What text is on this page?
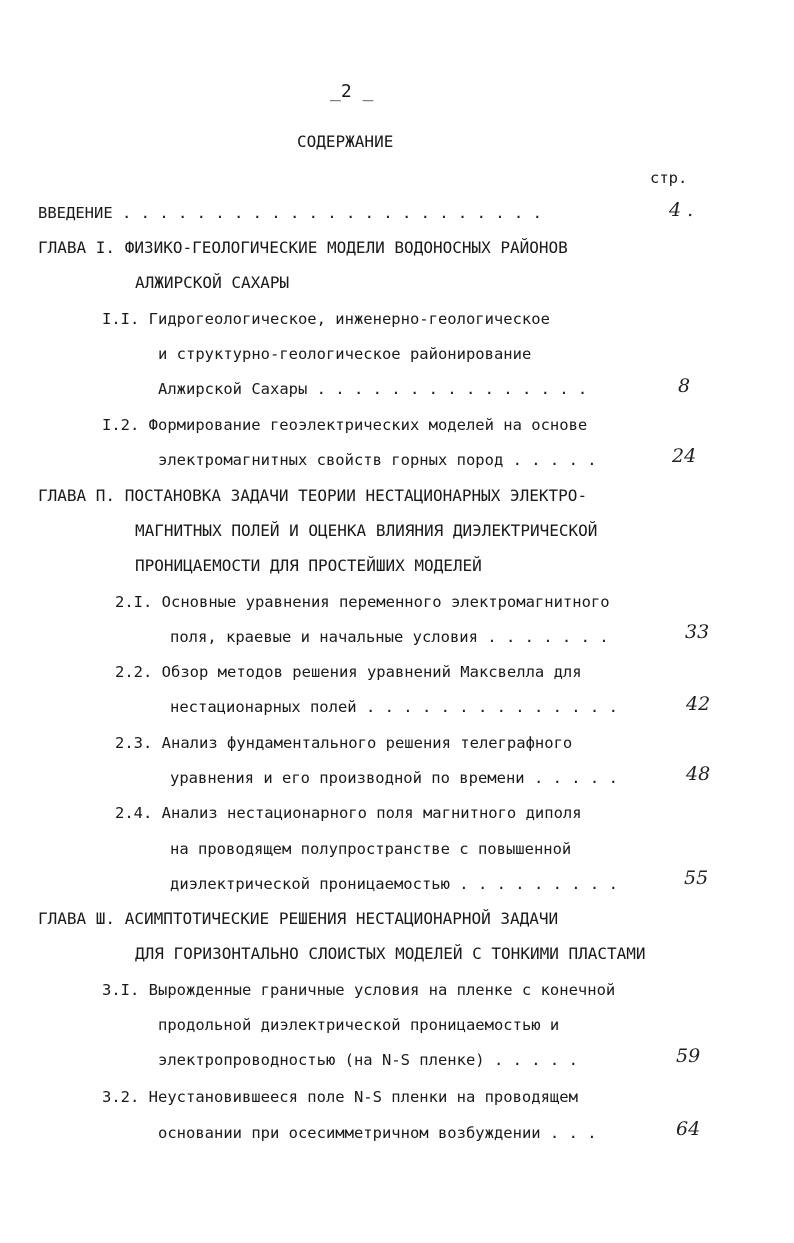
_2 _
СОДЕРЖАНИЕ
стр.
ВВЕДЕНИЕ . . . . . . . . . . . . . . . . . . . . . . .	4 .
ГЛАВА I. ФИЗИКО-ГЕОЛОГИЧЕСКИЕ МОДЕЛИ ВОДОНОСНЫХ РАЙОНОВ
АЛЖИРСКОЙ САХАРЫ
I.I. Гидрогеологическое, инженерно-геологическое
и структурно-геологическое районирование
Алжирской Сахары . . . . . . . . . . . . . . .	8
I.2. Формирование геоэлектрических моделей на основе
электромагнитных свойств горных пород . . . . .	24
ГЛАВА П. ПОСТАНОВКА ЗАДАЧИ ТЕОРИИ НЕСТАЦИОНАРНЫХ ЭЛЕКТРО-
МАГНИТНЫХ ПОЛЕЙ И ОЦЕНКА ВЛИЯНИЯ ДИЭЛЕКТРИЧЕСКОЙ
ПРОНИЦАЕМОСТИ ДЛЯ ПРОСТЕЙШИХ МОДЕЛЕЙ
2.I. Основные уравнения переменного электромагнитного
поля, краевые и начальные условия . . . . . . .	33
2.2. Обзор методов решения уравнений Максвелла для
нестационарных полей . . . . . . . . . . . . . .	42
2.3. Анализ фундаментального решения телеграфного
уравнения и его производной по времени . . . . .	48
2.4. Анализ нестационарного поля магнитного диполя
на проводящем полупространстве с повышенной
диэлектрической проницаемостью . . . . . . . . .	55
ГЛАВА Ш. АСИМПТОТИЧЕСКИЕ РЕШЕНИЯ НЕСТАЦИОНАРНОЙ ЗАДАЧИ
ДЛЯ ГОРИЗОНТАЛЬНО СЛОИСТЫХ МОДЕЛЕЙ С ТОНКИМИ ПЛАСТАМИ
3.I. Вырожденные граничные условия на пленке с конечной
продольной диэлектрической проницаемостью и
электропроводностью (на N-S пленке) . . . . .	59
3.2. Неустановившееся поле N-S пленки на проводящем
основании при осесимметричном возбуждении . . .	64
